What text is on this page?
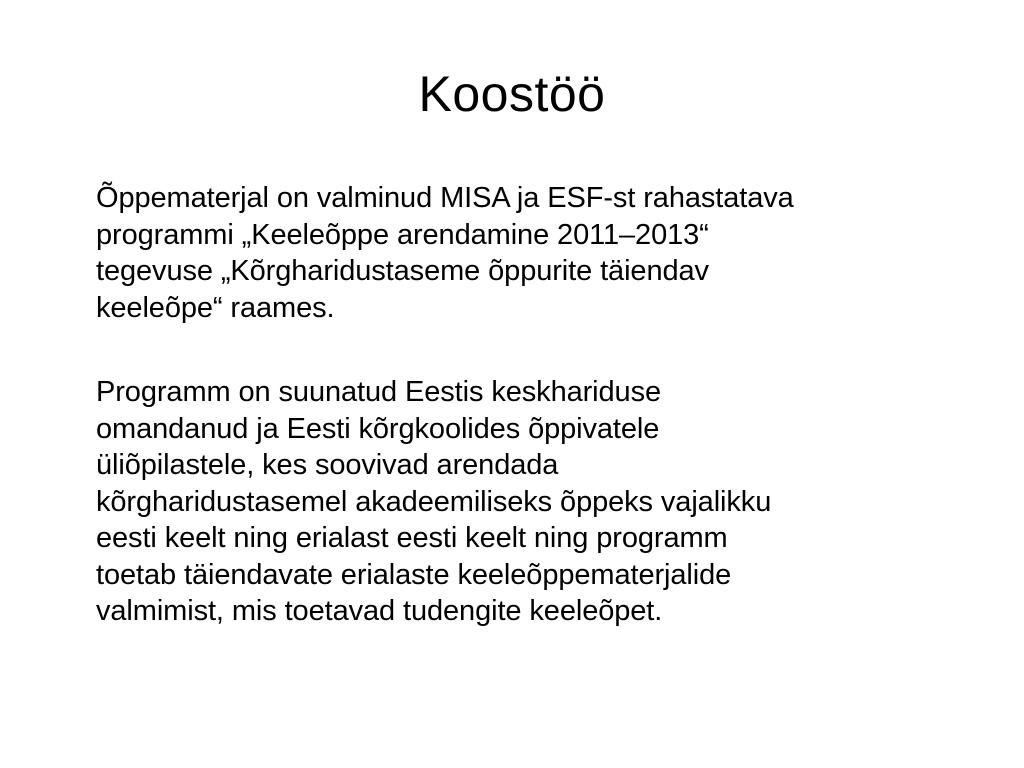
Koostöö

Õppematerjal on valminud MISA ja ESF-st rahastatava
programmi „Keeleõppe arendamine 2011–2013“
tegevuse „Kõrgharidustaseme õppurite täiendav
keeleõpe“ raames.

Programm on suunatud Eestis keskhariduse
omandanud ja Eesti kõrgkoolides õppivatele
üliõpilastele, kes soovivad arendada
kõrgharidustasemel akadeemiliseks õppeks vajalikku
eesti keelt ning erialast eesti keelt ning programm
toetab täiendavate erialaste keeleõppematerjalide
valmimist, mis toetavad tudengite keeleõpet.
